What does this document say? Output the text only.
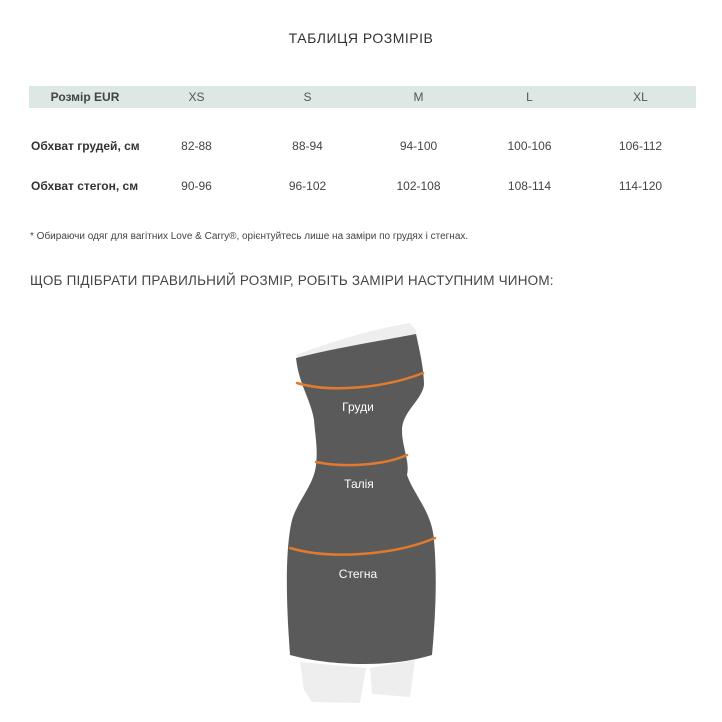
ТАБЛИЦЯ РОЗМІРІВ
Розмір EUR	XS	S	M	L	XL

Обхват грудей, см	82-88	88-94	94-100	100-106	106-112
Обхват стегон, см	90-96	96-102	102-108	108-114	114-120
* Обираючи одяг для вагітних Love & Carry®, орієнтуйтесь лише на заміри по грудях і стегнах.
ЩОБ ПІДІБРАТИ ПРАВИЛЬНИЙ РОЗМІР, РОБІТЬ ЗАМІРИ НАСТУПНИМ ЧИНОМ:
Груди
Талія
Стегна
